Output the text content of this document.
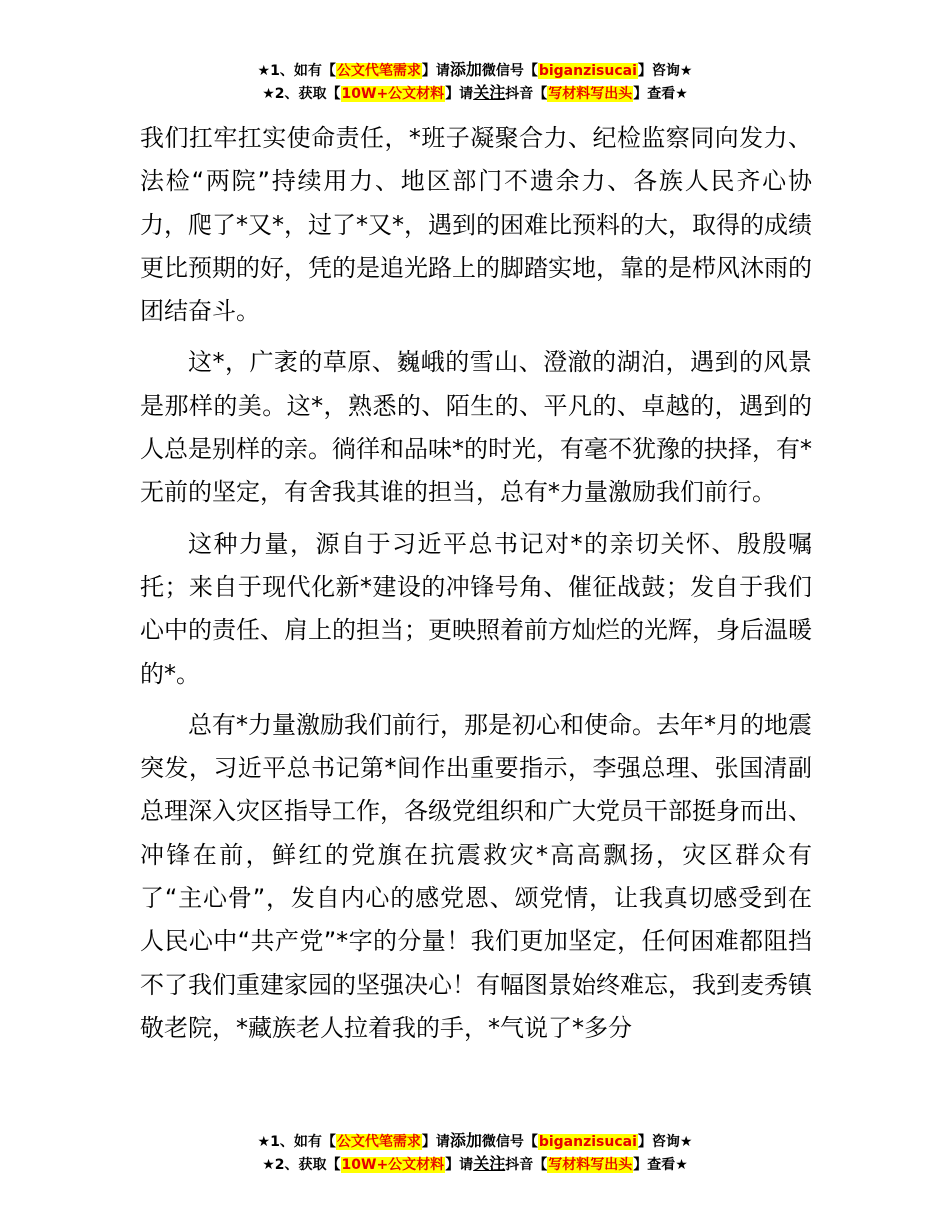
★1、如有【公文代笔需求】请添加微信号【biganzisucai】咨询★
★2、获取【10W+公文材料】请关注抖音【写材料写出头】查看★

我们扛牢扛实使命责任，*班子凝聚合力、纪检监察同向发力、法检“两院”持续用力、地区部门不遗余力、各族人民齐心协力，爬了*又*，过了*又*，遇到的困难比预料的大，取得的成绩更比预期的好，凭的是追光路上的脚踏实地，靠的是栉风沐雨的团结奋斗。

这*，广袤的草原、巍峨的雪山、澄澈的湖泊，遇到的风景是那样的美。这*，熟悉的、陌生的、平凡的、卓越的，遇到的人总是别样的亲。徜徉和品味*的时光，有毫不犹豫的抉择，有*无前的坚定，有舍我其谁的担当，总有*力量激励我们前行。

这种力量，源自于习近平总书记对*的亲切关怀、殷殷嘱托；来自于现代化新*建设的冲锋号角、催征战鼓；发自于我们心中的责任、肩上的担当；更映照着前方灿烂的光辉，身后温暖的*。

总有*力量激励我们前行，那是初心和使命。去年*月的地震突发，习近平总书记第*间作出重要指示，李强总理、张国清副总理深入灾区指导工作，各级党组织和广大党员干部挺身而出、冲锋在前，鲜红的党旗在抗震救灾*高高飘扬，灾区群众有了“主心骨”，发自内心的感党恩、颂党情，让我真切感受到在人民心中“共产党”*字的分量！我们更加坚定，任何困难都阻挡不了我们重建家园的坚强决心！有幅图景始终难忘，我到麦秀镇敬老院，*藏族老人拉着我的手，*气说了*多分

★1、如有【公文代笔需求】请添加微信号【biganzisucai】咨询★
★2、获取【10W+公文材料】请关注抖音【写材料写出头】查看★
